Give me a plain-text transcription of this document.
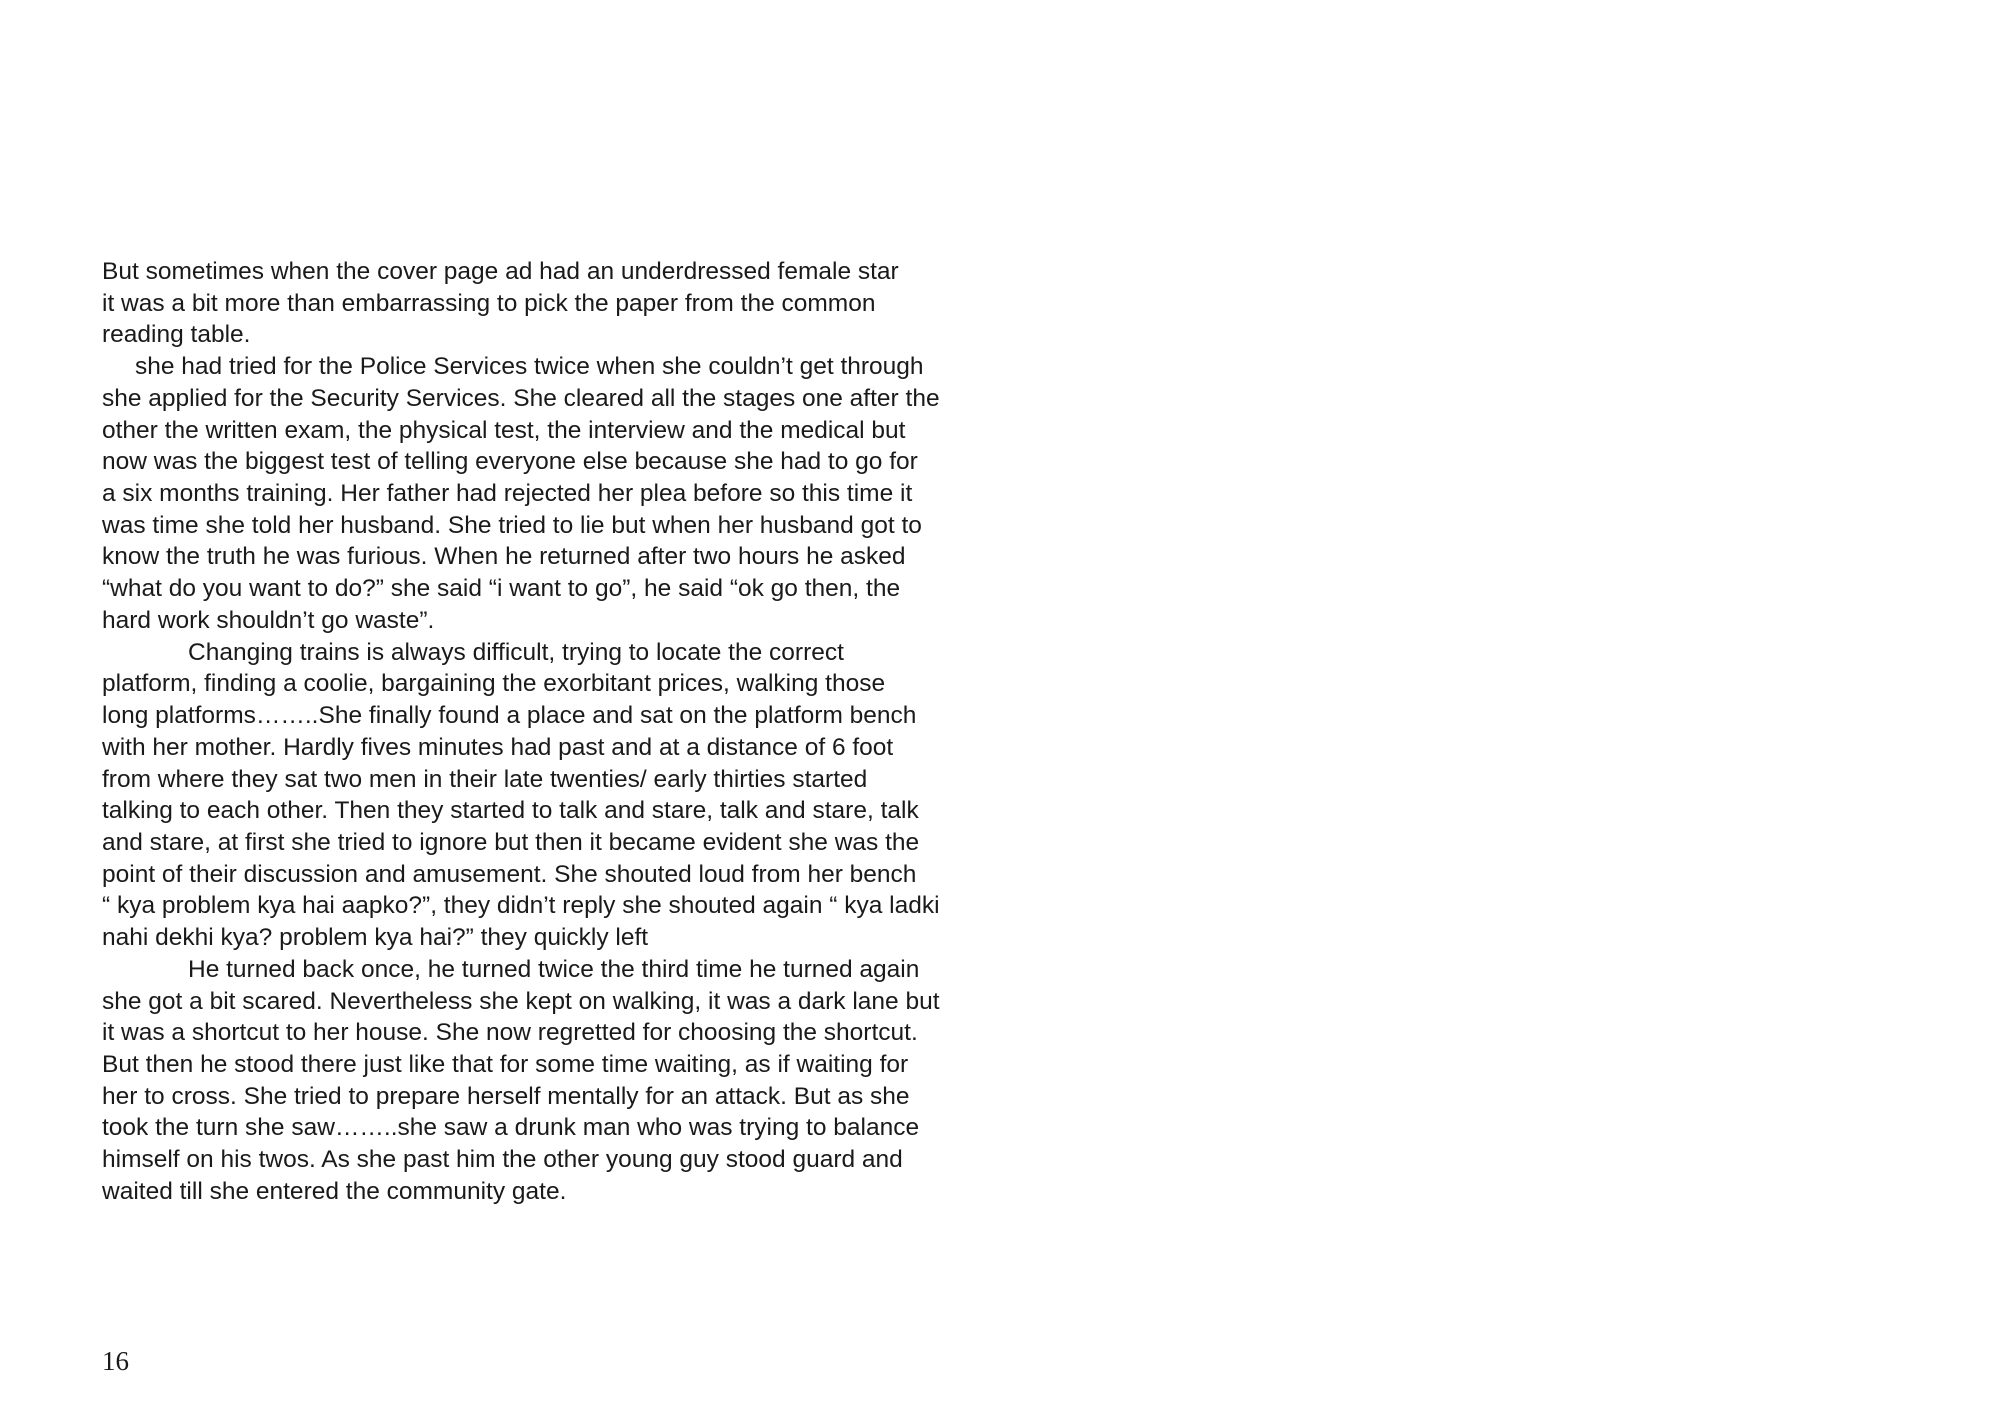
But sometimes when the cover page ad had an underdressed female star
it was a bit more than embarrassing to pick the paper from the common
reading table.
she had tried for the Police Services twice when she couldn’t get through
she applied for the Security Services. She cleared all the stages one after the
other the written exam, the physical test, the interview and the medical but
now was the biggest test of telling everyone else because she had to go for
a six months training. Her father had rejected her plea before so this time it
was time she told her husband. She tried to lie but when her husband got to
know the truth he was furious. When he returned after two hours he asked
“what do you want to do?” she said “i want to go”, he said “ok go then, the
hard work shouldn’t go waste”.
Changing trains is always difficult, trying to locate the correct
platform, finding a coolie, bargaining the exorbitant prices, walking those
long platforms……..She finally found a place and sat on the platform bench
with her mother. Hardly fives minutes had past and at a distance of 6 foot
from where they sat two men in their late twenties/ early thirties started
talking to each other. Then they started to talk and stare, talk and stare, talk
and stare, at first she tried to ignore but then it became evident she was the
point of their discussion and amusement. She shouted loud from her bench
“ kya problem kya hai aapko?”, they didn’t reply she shouted again “ kya ladki
nahi dekhi kya? problem kya hai?” they quickly left
He turned back once, he turned twice the third time he turned again
she got a bit scared. Nevertheless she kept on walking, it was a dark lane but
it was a shortcut to her house. She now regretted for choosing the shortcut.
But then he stood there just like that for some time waiting, as if waiting for
her to cross. She tried to prepare herself mentally for an attack. But as she
took the turn she saw……..she saw a drunk man who was trying to balance
himself on his twos. As she past him the other young guy stood guard and
waited till she entered the community gate.
16
